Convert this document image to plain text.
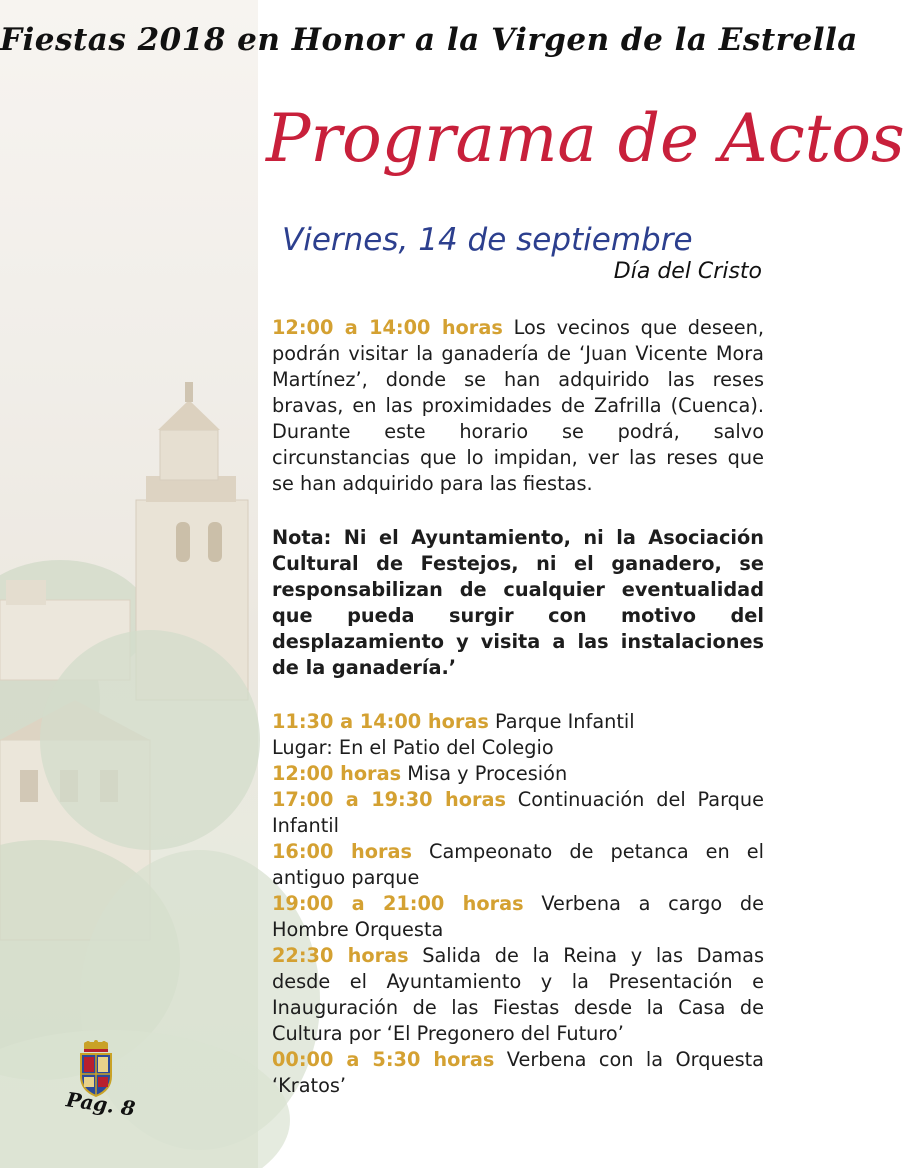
Fiestas 2018 en Honor a la Virgen de la Estrella
Programa de Actos
Viernes, 14 de septiembre
Día del Cristo

12:00 a 14:00 horas Los vecinos que deseen, podrán visitar la ganadería de ‘Juan Vicente Mora Martínez’, donde se han adquirido las reses bravas, en las proximidades de Zafrilla (Cuenca). Durante este horario se podrá, salvo circunstancias que lo impidan, ver las reses que se han adquirido para las fiestas.

Nota: Ni el Ayuntamiento, ni la Asociación Cultural de Festejos, ni el ganadero, se responsabilizan de cualquier eventualidad que pueda surgir con motivo del desplazamiento y visita a las instalaciones de la ganadería.’

11:30 a 14:00 horas Parque Infantil

Lugar: En el Patio del Colegio

12:00 horas Misa y Procesión

17:00 a 19:30 horas Continuación del Parque Infantil

16:00 horas Campeonato de petanca en el antiguo parque

19:00 a 21:00 horas Verbena a cargo de Hombre Orquesta

22:30 horas Salida de la Reina y las Damas desde el Ayuntamiento y la Presentación e Inauguración de las Fiestas desde la Casa de Cultura por ‘El Pregonero del Futuro’

00:00 a 5:30 horas Verbena con la Orquesta ‘Kratos’

Pag. 8
